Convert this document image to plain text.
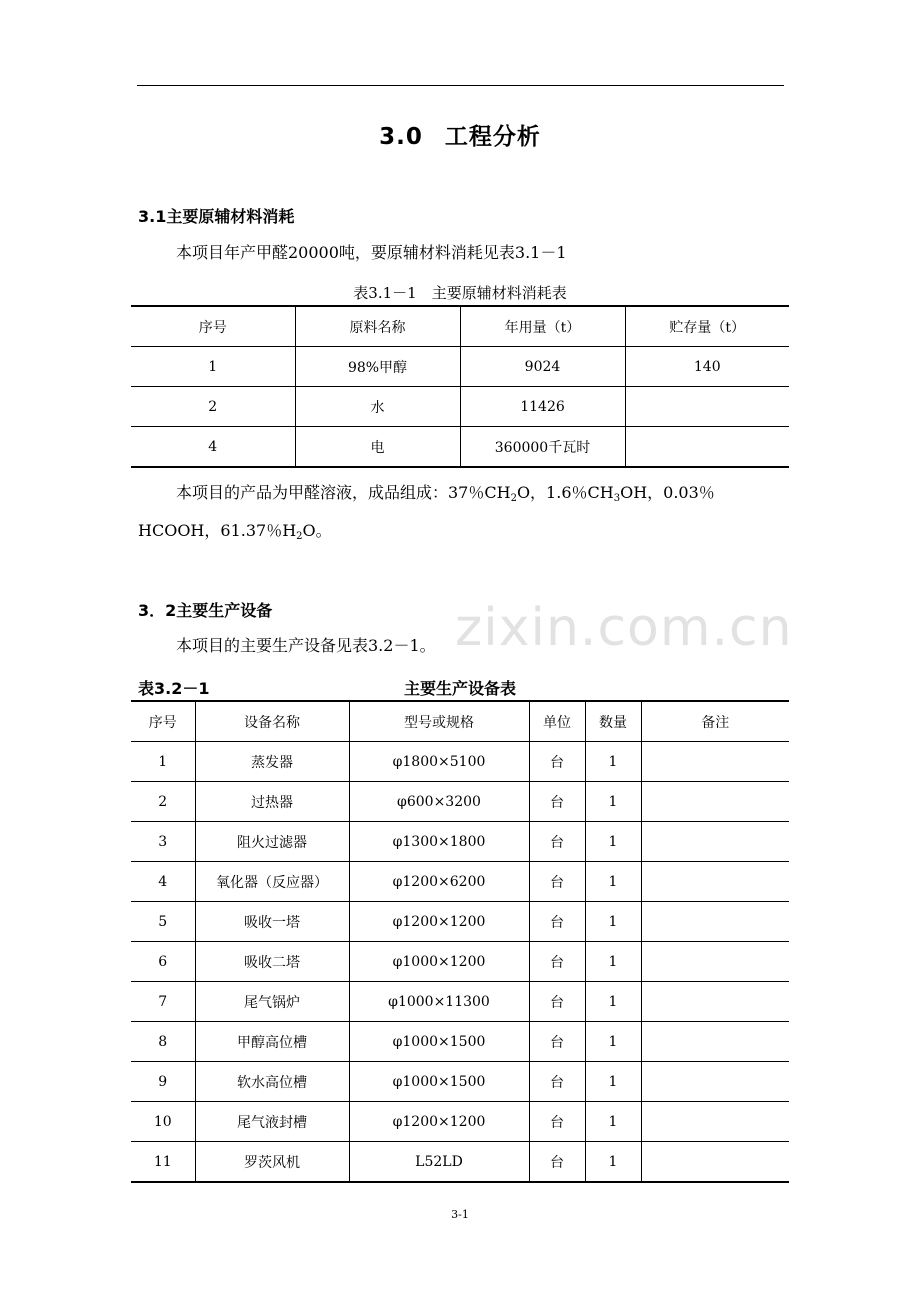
3.0 工程分析
3.1主要原辅材料消耗
本项目年产甲醛20000吨，要原辅材料消耗见表3.1－1
表3.1－1　主要原辅材料消耗表
序号	原料名称	年用量（t）	贮存量（t）
1	98%甲醇	9024	140
2	水	11426	
4	电	360000千瓦时	
本项目的产品为甲醛溶液，成品组成：37％$CH_2O$，1.6％$CH_3OH$，0.03％
HCOOH，61.37％$H_2O$。
3．2主要生产设备	zixin.com.cn
本项目的主要生产设备见表3.2－1。
表3.2－1	主要生产设备表
序号	设备名称	型号或规格	单位	数量	备注
1	蒸发器	φ1800×5100	台	1	
2	过热器	φ600×3200	台	1	
3	阻火过滤器	φ1300×1800	台	1	
4	氧化器（反应器）	φ1200×6200	台	1	
5	吸收一塔	φ1200×1200	台	1	
6	吸收二塔	φ1000×1200	台	1	
7	尾气锅炉	φ1000×11300	台	1	
8	甲醇高位槽	φ1000×1500	台	1	
9	软水高位槽	φ1000×1500	台	1	
10	尾气液封槽	φ1200×1200	台	1	
11	罗茨风机	L52LD	台	1	
3-1
